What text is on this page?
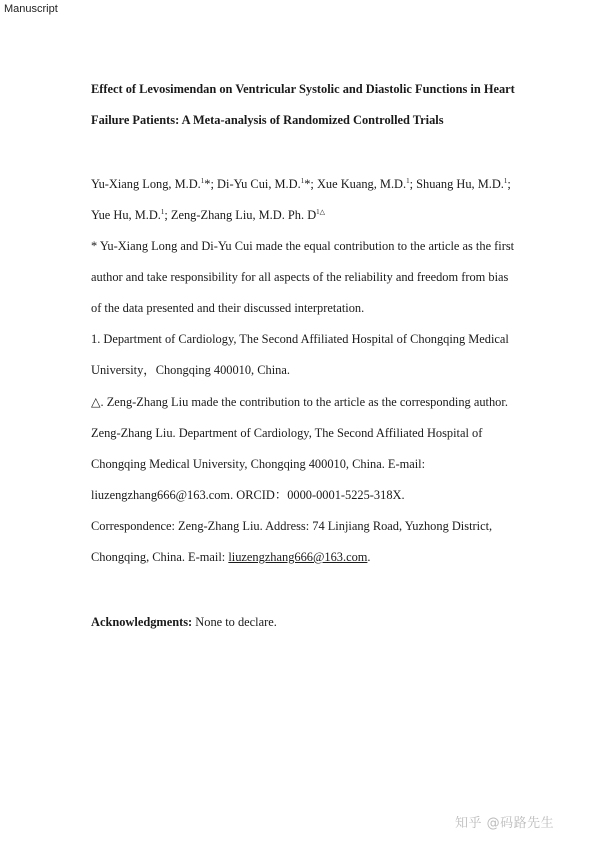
Manuscript
Effect of Levosimendan on Ventricular Systolic and Diastolic Functions in Heart
Failure Patients: A Meta-analysis of Randomized Controlled Trials

Yu-Xiang Long, M.D.$^1$*; Di-Yu Cui, M.D.$^1$*; Xue Kuang, M.D.$^1$; Shuang Hu, M.D.$^1$;
Yue Hu, M.D.$^1$; Zeng-Zhang Liu, M.D. Ph. $D^{1\triangle}$

* Yu-Xiang Long and Di-Yu Cui made the equal contribution to the article as the first
author and take responsibility for all aspects of the reliability and freedom from bias
of the data presented and their discussed interpretation.

1. Department of Cardiology, The Second Affiliated Hospital of Chongqing Medical
University，Chongqing 400010, China.

△. Zeng-Zhang Liu made the contribution to the article as the corresponding author.
Zeng-Zhang Liu. Department of Cardiology, The Second Affiliated Hospital of
Chongqing Medical University, Chongqing 400010, China. E-mail:
liuzengzhang666@163.com. ORCID：0000-0001-5225-318X.

Correspondence: Zeng-Zhang Liu. Address: 74 Linjiang Road, Yuzhong District,
Chongqing, China. E-mail: liuzengzhang666@163.com.

Acknowledgments: None to declare.

知乎 @码路先生
